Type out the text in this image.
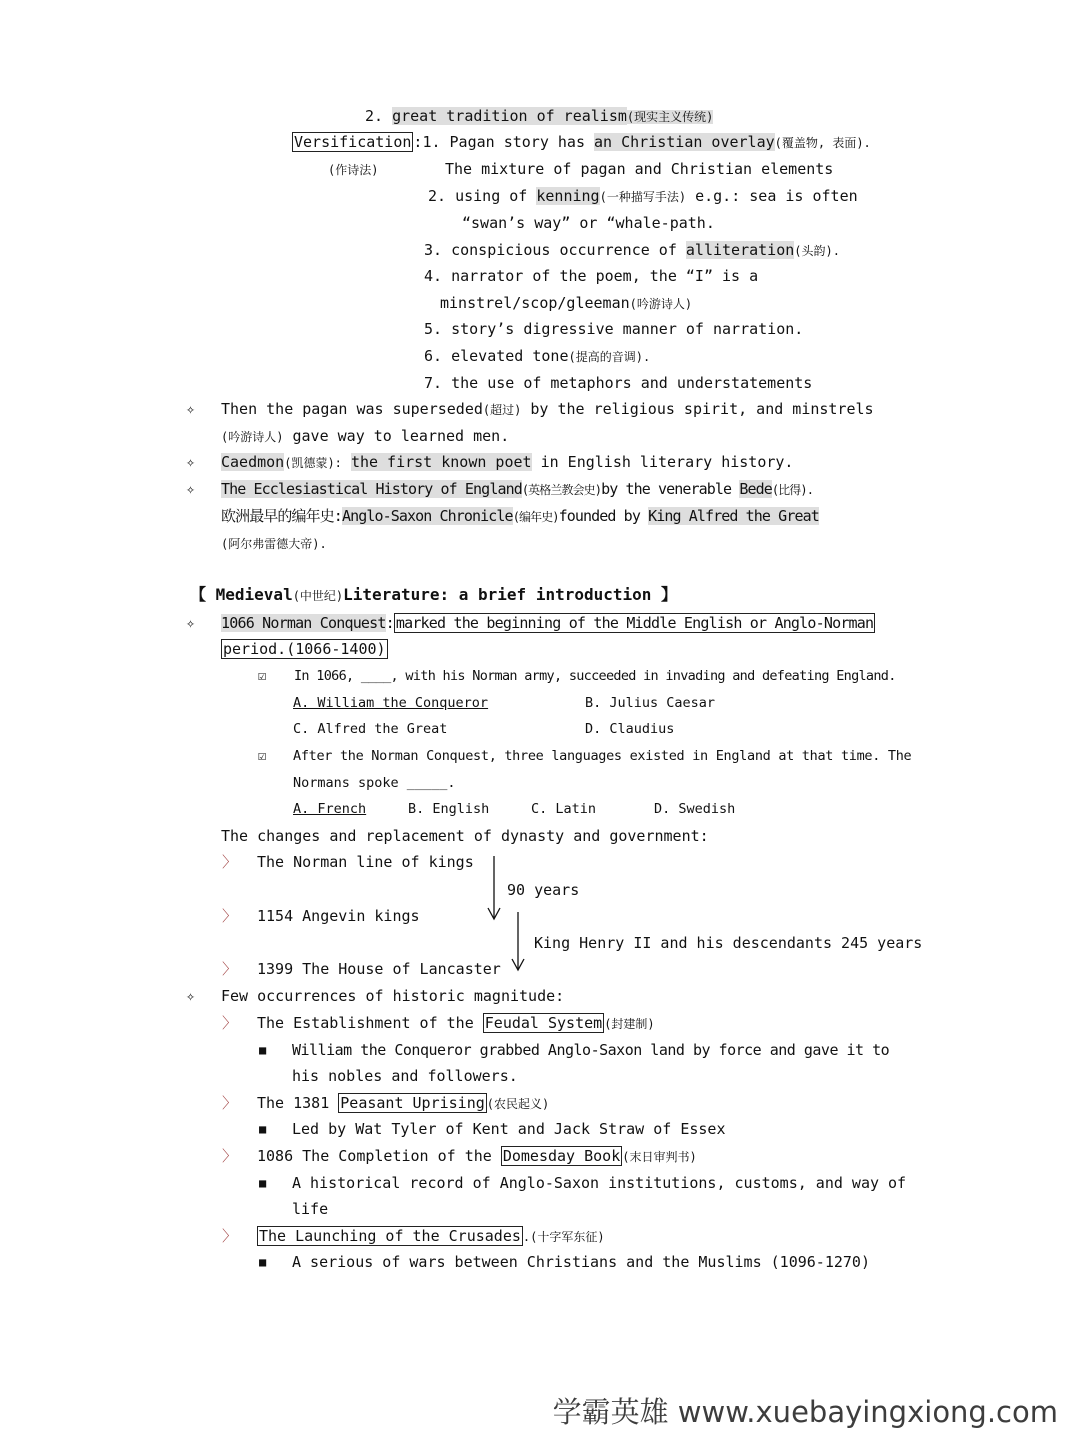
2. great tradition of realism(现实主义传统)
Versification :1. Pagan story has an Christian overlay(覆盖物, 表面).
(作诗法)	The mixture of pagan and Christian elements
2. using of kenning(一种描写手法) e.g.: sea is often
“swan’s way” or “whale-path.
3. conspicious occurrence of alliteration(头韵).
4. narrator of the poem, the “I” is a
minstrel/scop/gleeman(吟游诗人)
5. story’s digressive manner of narration.
6. elevated tone(提高的音调).
7. the use of metaphors and understatements
✧ Then the pagan was superseded(超过) by the religious spirit, and minstrels
(吟游诗人) gave way to learned men.
✧ Caedmon(凯德蒙): the first known poet in English literary history.
✧ The Ecclesiastical History of England(英格兰教会史)by the venerable Bede(比得).
欧洲最早的编年史:Anglo-Saxon Chronicle(编年史)founded by King Alfred the Great
(阿尔弗雷德大帝).
【 Medieval(中世纪)Literature: a brief introduction 】
✧ 1066 Norman Conquest: marked the beginning of the Middle English or Anglo-Norman
period.(1066-1400)
☑ In 1066, ____, with his Norman army, succeeded in invading and defeating England.
A. William the Conqueror	B. Julius Caesar
C. Alfred the Great	D. Claudius
☑ After the Norman Conquest, three languages existed in England at that time. The
Normans spoke _____.
A. French	B. English	C. Latin	D. Swedish
The changes and replacement of dynasty and government:
〉 The Norman line of kings
90 years
〉 1154 Angevin kings
King Henry II and his descendants 245 years
〉 1399 The House of Lancaster
✧ Few occurrences of historic magnitude:
〉 The Establishment of the Feudal System (封建制)
■ William the Conqueror grabbed Anglo-Saxon land by force and gave it to
his nobles and followers.
〉 The 1381 Peasant Uprising (农民起义)
■ Led by Wat Tyler of Kent and Jack Straw of Essex
〉 1086 The Completion of the Domesday Book (末日审判书)
■ A historical record of Anglo-Saxon institutions, customs, and way of
life
〉 The Launching of the Crusades .(十字军东征)
■ A serious of wars between Christians and the Muslims (1096-1270)
学霸英雄 www.xuebayingxiong.com
